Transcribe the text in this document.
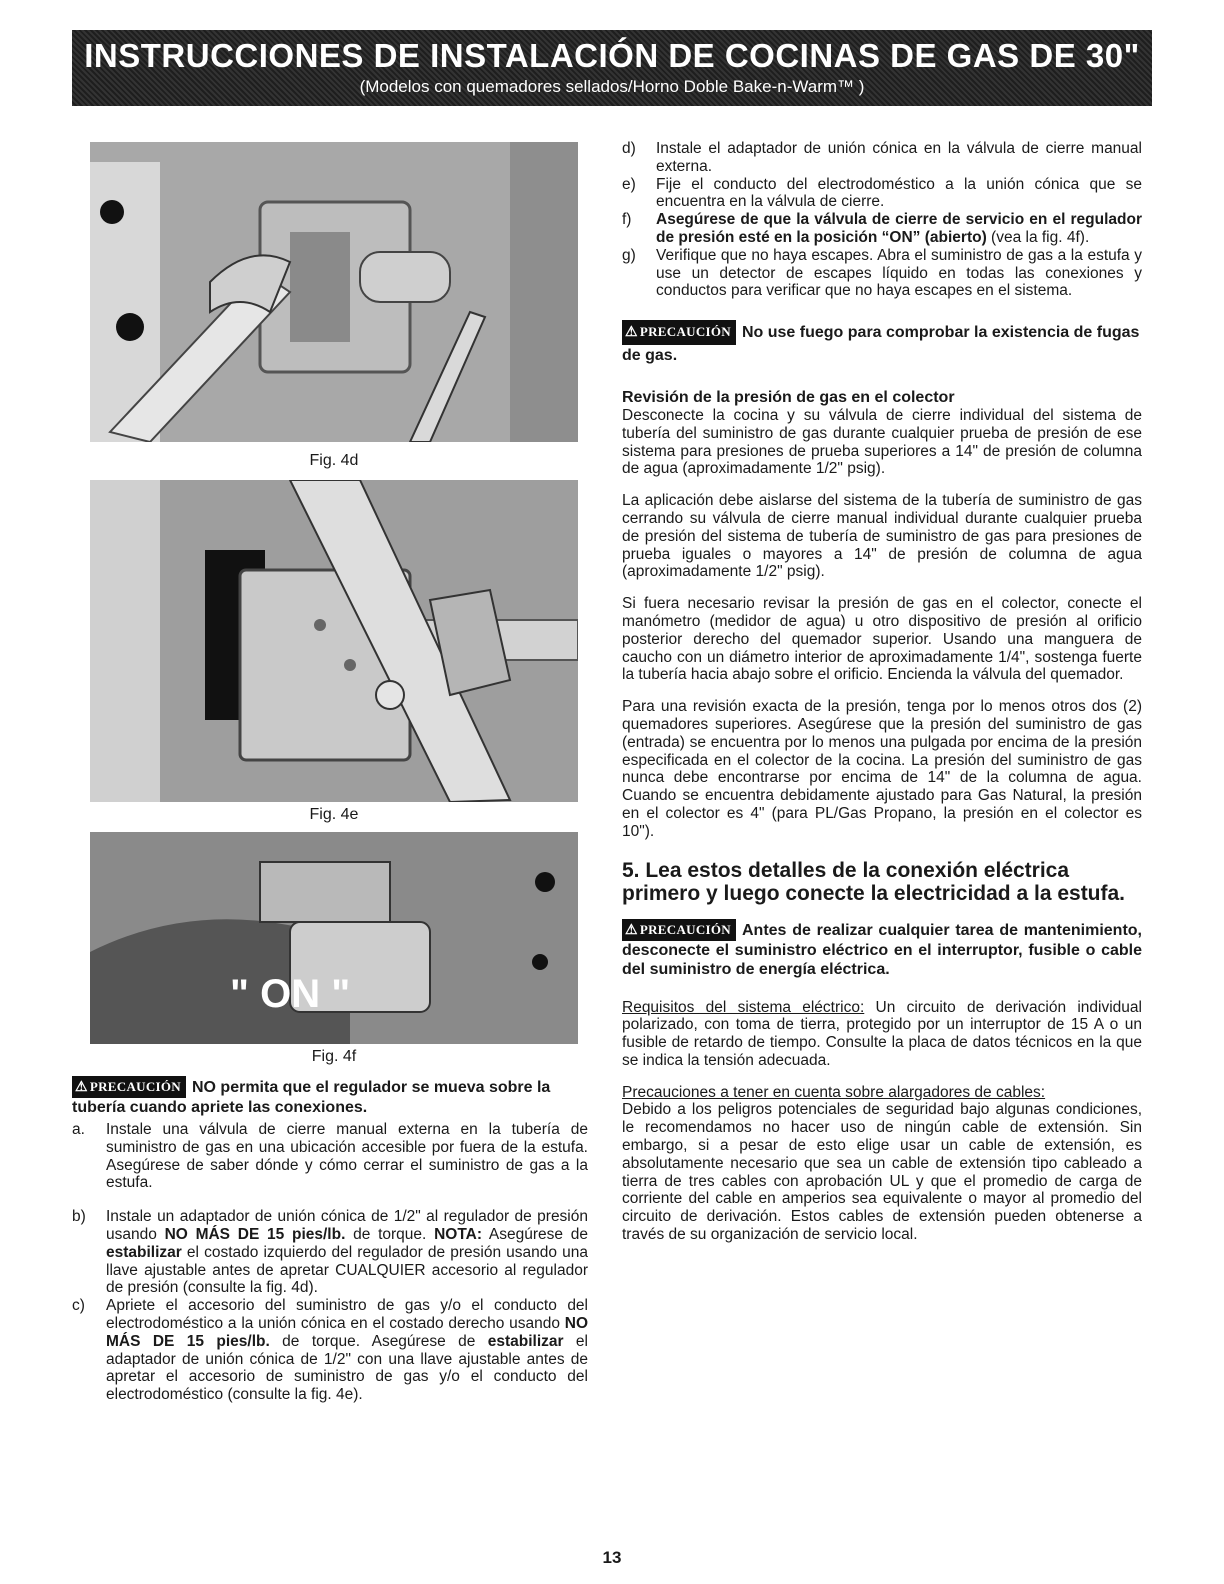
INSTRUCCIONES DE INSTALACIÓN DE COCINAS DE GAS DE 30"
(Modelos con quemadores sellados/Horno Doble Bake-n-Warm™ )
Fig. 4d
Fig. 4e
" ON "
Fig. 4f
⚠ PRECAUCIÓN NO permita que el regulador se mueva sobre la tubería cuando apriete las conexiones.
a.	Instale una válvula de cierre manual externa en la tubería de suministro de gas en una ubicación accesible por fuera de la estufa. Asegúrese de saber dónde y cómo cerrar el suministro de gas a la estufa.
b)	Instale un adaptador de unión cónica de 1/2" al regulador de presión usando NO MÁS DE 15 pies/lb. de torque. NOTA: Asegúrese de estabilizar el costado izquierdo del regulador de presión usando una llave ajustable antes de apretar CUALQUIER accesorio al regulador de presión (consulte la fig. 4d).
c)	Apriete el accesorio del suministro de gas y/o el conducto del electrodoméstico a la unión cónica en el costado derecho usando NO MÁS DE 15 pies/lb. de torque. Asegúrese de estabilizar el adaptador de unión cónica de 1/2" con una llave ajustable antes de apretar el accesorio de suministro de gas y/o el conducto del electrodoméstico (consulte la fig. 4e).
d)	Instale el adaptador de unión cónica en la válvula de cierre manual externa.
e)	Fije el conducto del electrodoméstico a la unión cónica que se encuentra en la válvula de cierre.
f)	Asegúrese de que la válvula de cierre de servicio en el regulador de presión esté en la posición “ON” (abierto) (vea la fig. 4f).
g)	Verifique que no haya escapes. Abra el suministro de gas a la estufa y use un detector de escapes líquido en todas las conexiones y conductos para verificar que no haya escapes en el sistema.
⚠ PRECAUCIÓN No use fuego para comprobar la existencia de fugas de gas.
Revisión de la presión de gas en el colector

Desconecte la cocina y su válvula de cierre individual del sistema de tubería del suministro de gas durante cualquier prueba de presión de ese sistema para presiones de prueba superiores a 14" de presión de columna de agua (aproximadamente 1/2" psig).

La aplicación debe aislarse del sistema de la tubería de suministro de gas cerrando su válvula de cierre manual individual durante cualquier prueba de presión del sistema de tubería de suministro de gas para presiones de prueba iguales o mayores a 14" de presión de columna de agua (aproximadamente 1/2" psig).

Si fuera necesario revisar la presión de gas en el colector, conecte el manómetro (medidor de agua) u otro dispositivo de presión al orificio posterior derecho del quemador superior. Usando una manguera de caucho con un diámetro interior de aproximadamente 1/4", sostenga fuerte la tubería hacia abajo sobre el orificio. Encienda la válvula del quemador.

Para una revisión exacta de la presión, tenga por lo menos otros dos (2) quemadores superiores. Asegúrese que la presión del suministro de gas (entrada) se encuentra por lo menos una pulgada por encima de la presión especificada en el colector de la cocina. La presión del suministro de gas nunca debe encontrarse por encima de 14" de la columna de agua. Cuando se encuentra debidamente ajustado para Gas Natural, la presión en el colector es 4" (para PL/Gas Propano, la presión en el colector es 10").

5. Lea estos detalles de la conexión eléctrica primero y luego conecte la electricidad a la estufa.
⚠ PRECAUCIÓN Antes de realizar cualquier tarea de mantenimiento, desconecte el suministro eléctrico en el interruptor, fusible o cable del suministro de energía eléctrica.

Requisitos del sistema eléctrico: Un circuito de derivación individual polarizado, con toma de tierra, protegido por un interruptor de 15 A o un fusible de retardo de tiempo. Consulte la placa de datos técnicos en la que se indica la tensión adecuada.

Precauciones a tener en cuenta sobre alargadores de cables:
Debido a los peligros potenciales de seguridad bajo algunas condiciones, le recomendamos no hacer uso de ningún cable de extensión. Sin embargo, si a pesar de esto elige usar un cable de extensión, es absolutamente necesario que sea un cable de extensión tipo cableado a tierra de tres cables con aprobación UL y que el promedio de carga de corriente del cable en amperios sea equivalente o mayor al promedio del circuito de derivación. Estos cables de extensión pueden obtenerse a través de su organización de servicio local.

13
